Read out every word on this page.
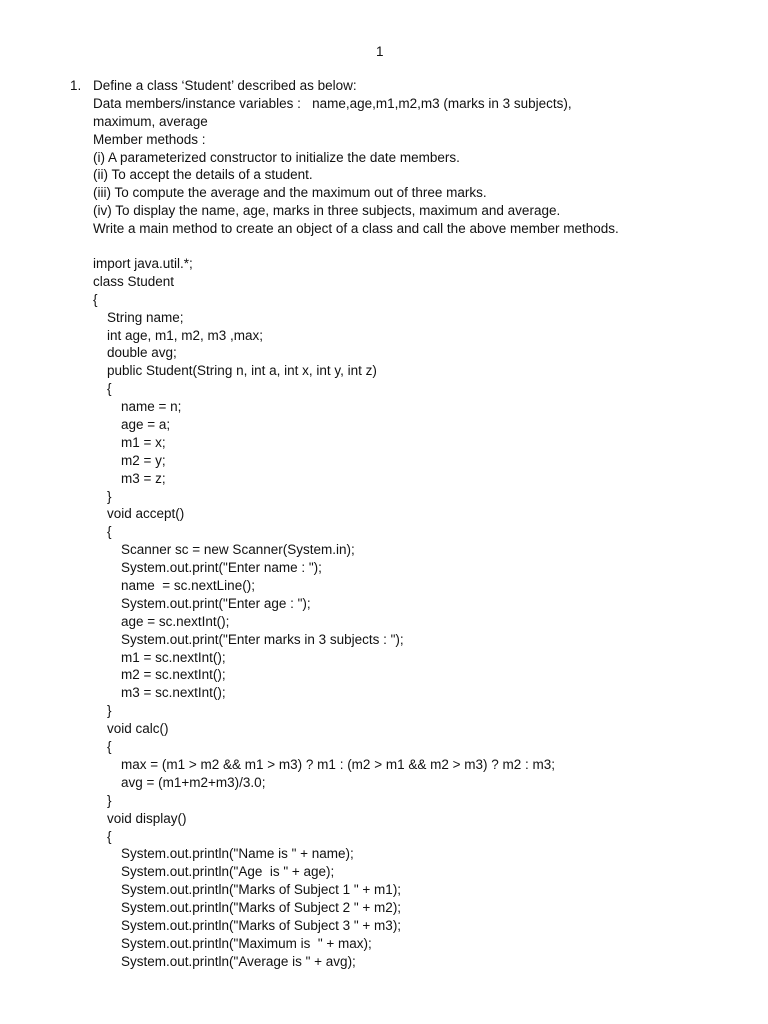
1
1. Define a class ‘Student’ described as below:
Data members/instance variables :   name,age,m1,m2,m3 (marks in 3 subjects),
maximum, average
Member methods :
(i) A parameterized constructor to initialize the date members.
(ii) To accept the details of a student.
(iii) To compute the average and the maximum out of three marks.
(iv) To display the name, age, marks in three subjects, maximum and average.
Write a main method to create an object of a class and call the above member methods.
import java.util.*;
class Student
{
String name;
int age, m1, m2, m3 ,max;
double avg;
public Student(String n, int a, int x, int y, int z)
{
name = n;
age = a;
m1 = x;
m2 = y;
m3 = z;
}
void accept()
{
Scanner sc = new Scanner(System.in);
System.out.print("Enter name : ");
name  = sc.nextLine();
System.out.print("Enter age : ");
age = sc.nextInt();
System.out.print("Enter marks in 3 subjects : ");
m1 = sc.nextInt();
m2 = sc.nextInt();
m3 = sc.nextInt();
}
void calc()
{
max = (m1 > m2 && m1 > m3) ? m1 : (m2 > m1 && m2 > m3) ? m2 : m3;
avg = (m1+m2+m3)/3.0;
}
void display()
{
System.out.println("Name is " + name);
System.out.println("Age  is " + age);
System.out.println("Marks of Subject 1 " + m1);
System.out.println("Marks of Subject 2 " + m2);
System.out.println("Marks of Subject 3 " + m3);
System.out.println("Maximum is  " + max);
System.out.println("Average is " + avg);
